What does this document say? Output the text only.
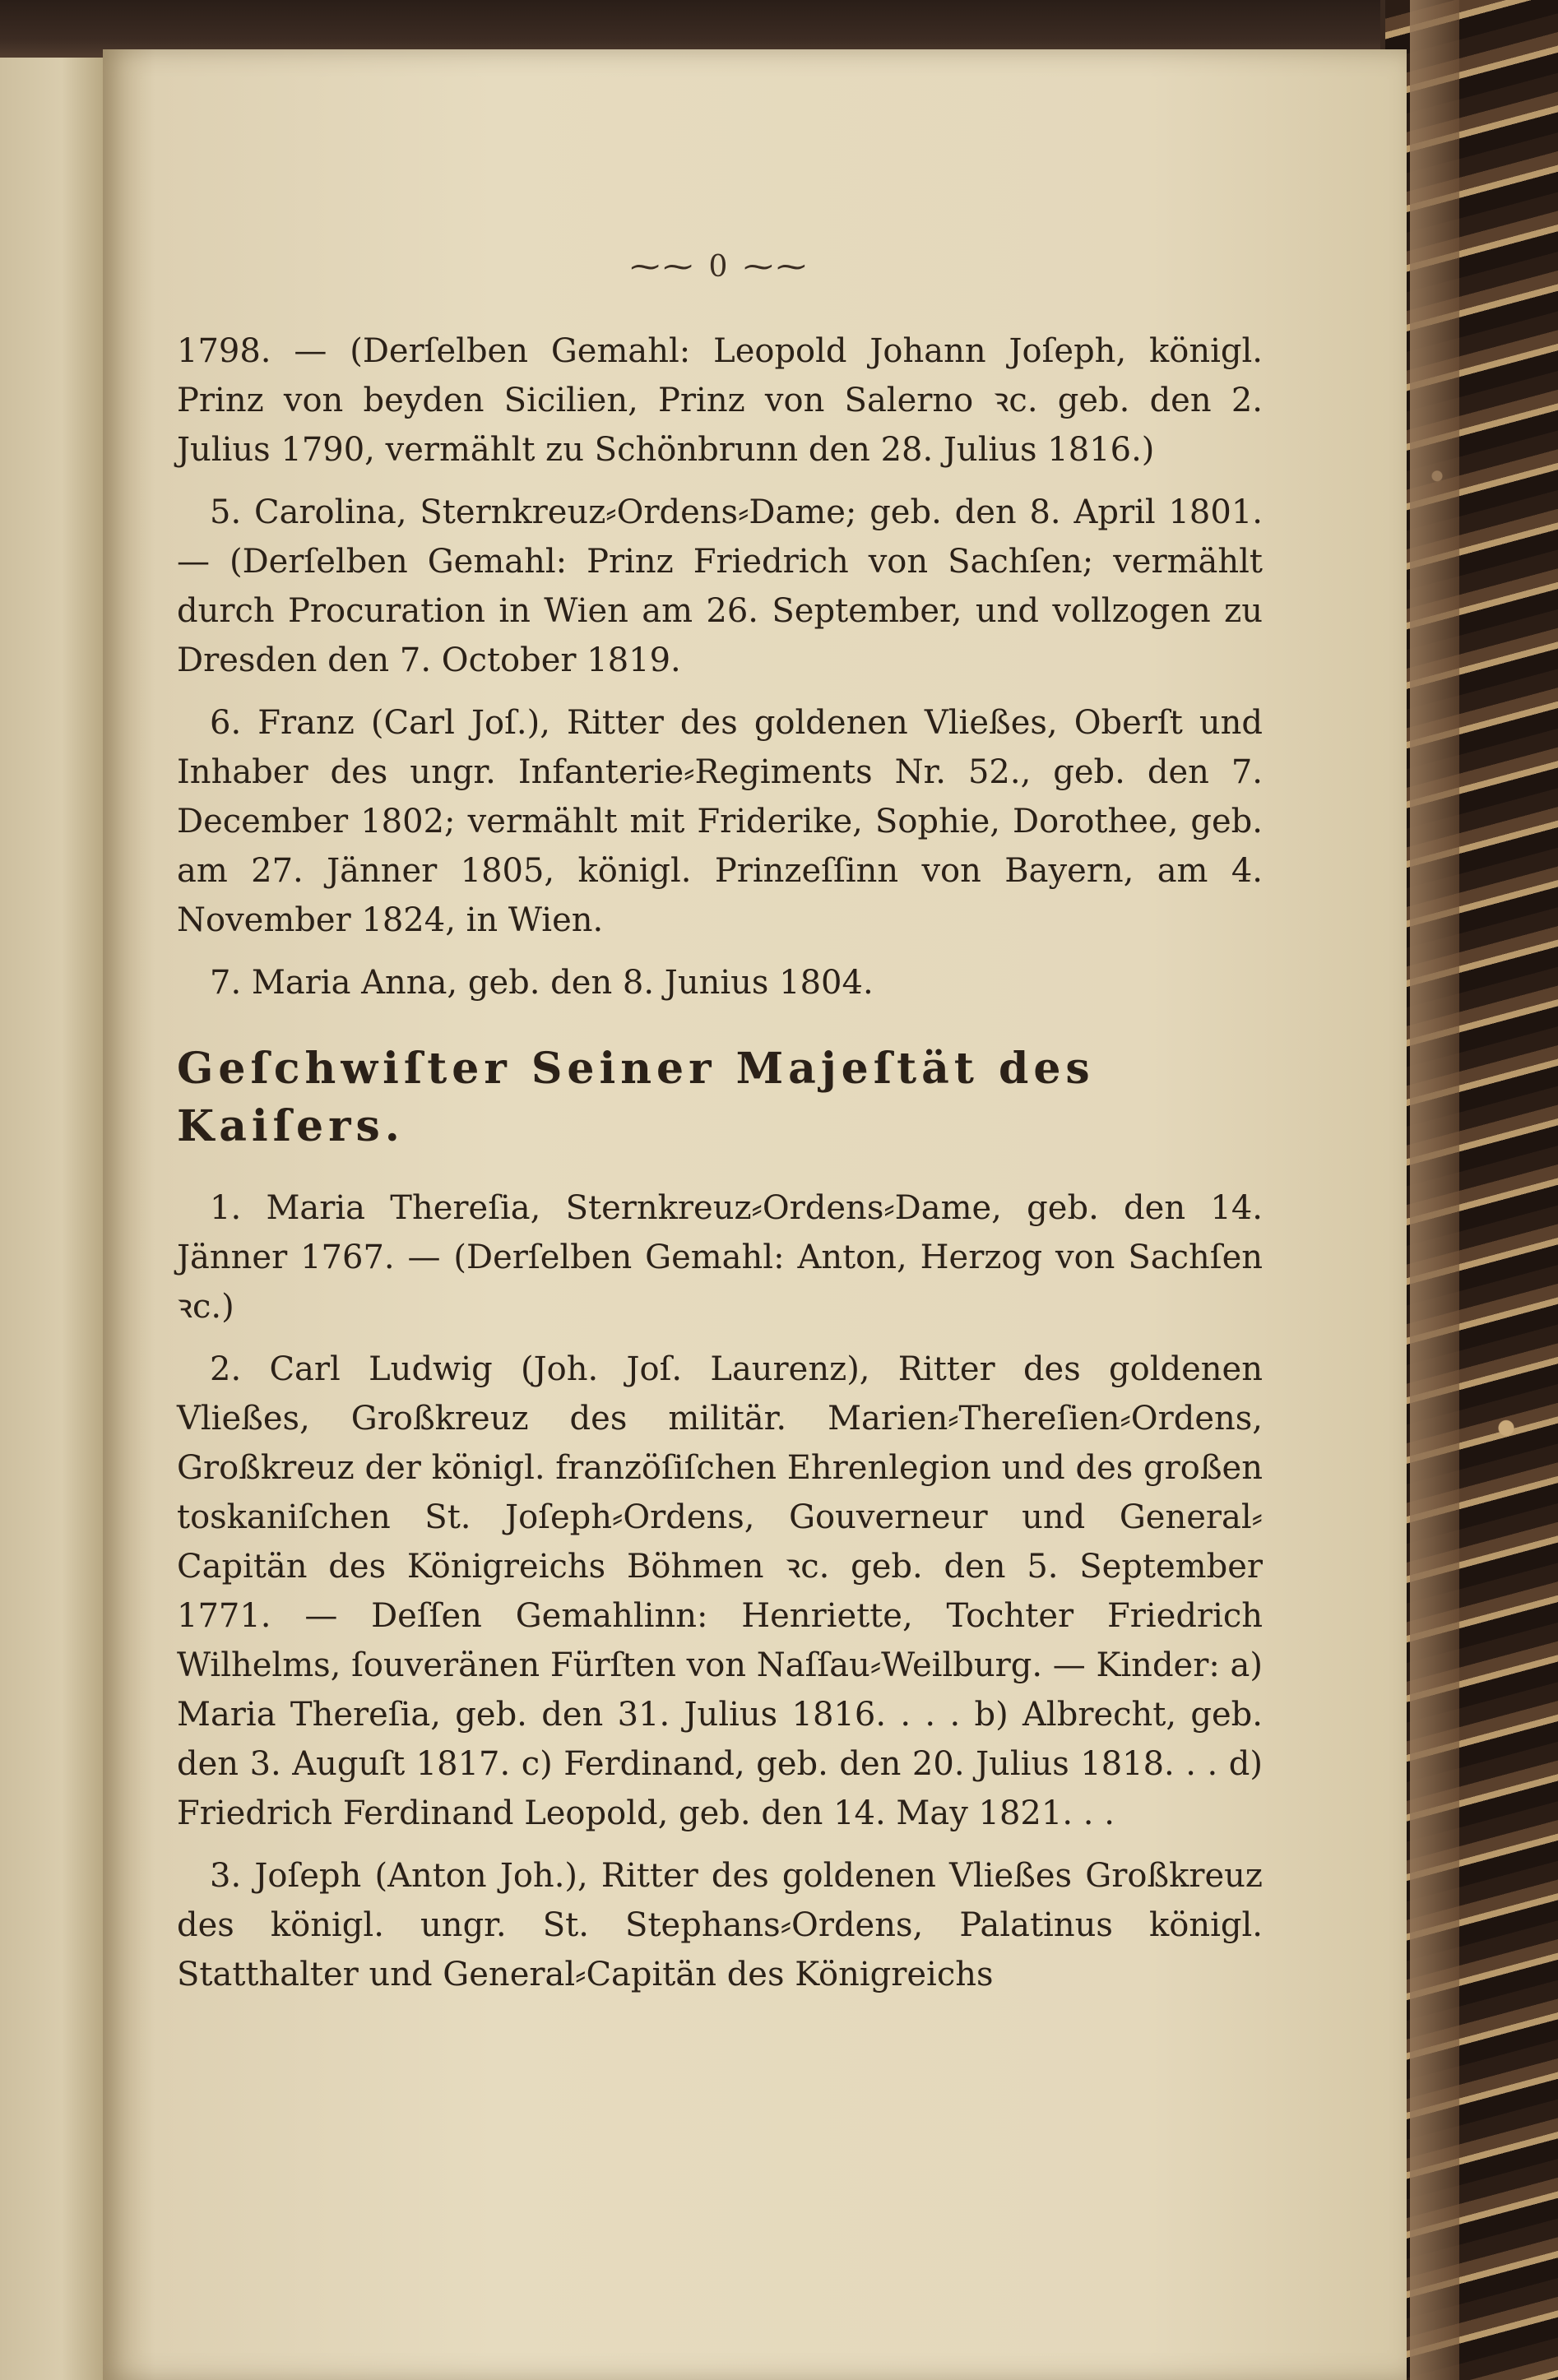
⁓⁓ 0 ⁓⁓

1798. — (Derſelben Gemahl: Leopold Johann Joſeph, königl. Prinz von beyden Sicilien, Prinz von Salerno ꝛc. geb. den 2. Julius 1790, vermählt zu Schönbrunn den 28. Julius 1816.)

5. Carolina, Sternkreuz⸗Ordens⸗Dame; geb. den 8. April 1801. — (Derſelben Gemahl: Prinz Friedrich von Sachſen; vermählt durch Procuration in Wien am 26. September, und vollzogen zu Dresden den 7. October 1819.

6. Franz (Carl Joſ.), Ritter des goldenen Vließes, Oberſt und Inhaber des ungr. Infanterie⸗Regiments Nr. 52., geb. den 7. December 1802; vermählt mit Friderike, Sophie, Dorothee, geb. am 27. Jänner 1805, königl. Prinzeſſinn von Bayern, am 4. November 1824, in Wien.

7. Maria Anna, geb. den 8. Junius 1804.

Geſchwiſter Seiner Majeſtät des Kaiſers.

1. Maria Thereſia, Sternkreuz⸗Ordens⸗Dame, geb. den 14. Jänner 1767. — (Derſelben Gemahl: Anton, Herzog von Sachſen ꝛc.)

2. Carl Ludwig (Joh. Joſ. Laurenz), Ritter des goldenen Vließes, Großkreuz des militär. Marien⸗Thereſien⸗Ordens, Großkreuz der königl. franzöſiſchen Ehrenlegion und des großen toskaniſchen St. Joſeph⸗Ordens, Gouverneur und General⸗Capitän des Königreichs Böhmen ꝛc. geb. den 5. September 1771. — Deſſen Gemahlinn: Henriette, Tochter Friedrich Wilhelms, ſouveränen Fürſten von Naſſau⸗Weilburg. — Kinder: a) Maria Thereſia, geb. den 31. Julius 1816. . . . b) Albrecht, geb. den 3. Auguſt 1817. c) Ferdinand, geb. den 20. Julius 1818. . . d) Friedrich Ferdinand Leopold, geb. den 14. May 1821. . .

3. Joſeph (Anton Joh.), Ritter des goldenen Vließes Großkreuz des königl. ungr. St. Stephans⸗Ordens, Palatinus königl. Statthalter und General⸗Capitän des Königreichs
